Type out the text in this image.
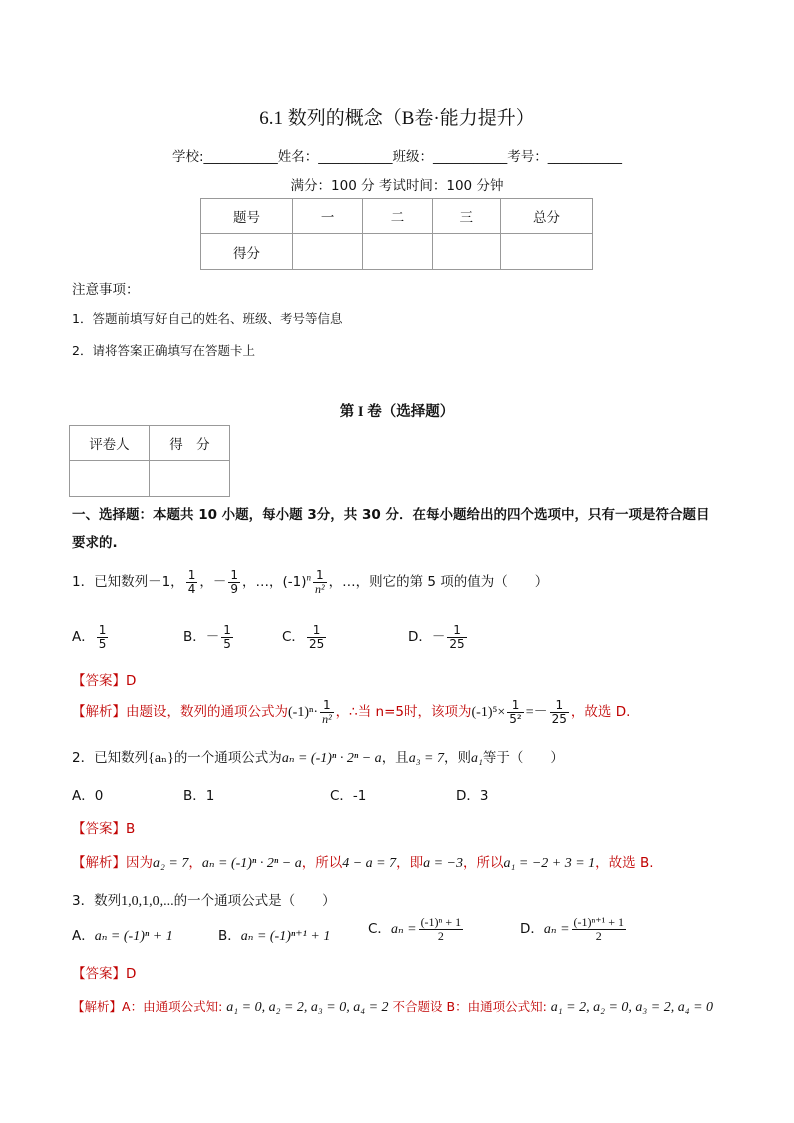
6.1 数列的概念（B卷·能力提升）
学校:___________姓名：___________班级：___________考号：___________
满分：100 分 考试时间：100 分钟
题号	一	二	三	总分
得分				
注意事项：
1．答题前填写好自己的姓名、班级、考号等信息
2．请将答案正确填写在答题卡上
第 I 卷（选择题）
评卷人	得　分

一、选择题：本题共 10 小题，每小题 3分，共 30 分．在每小题给出的四个选项中，只有一项是符合题目
要求的.
1．已知数列－1， $\frac{1}{4}$ ，－ $\frac{1}{9}$ ，…，$(-1)^n \frac{1}{\text{n²}}$ ，…，则它的第 5 项的值为（　　）
A． $\frac{1}{5}$	B．－ $\frac{1}{5}$	C． $\frac{1}{25}$	D．－ $\frac{1}{25}$
【答案】D
【解析】由题设，数列的通项公式为$(-1)^n\cdot \frac{1}{\text{n²}}$ ，∴当 n=5时，该项为$(-1)^5\times \frac{1}{\text{5²}} =- \frac{1}{25}$ ，故选 D.
2．已知数列{aₙ}的一个通项公式为aₙ = (-1)ⁿ · 2ⁿ − a，且a₃ = 7，则a₁等于（　　）
A．0	B．1	C．-1	D．3
【答案】B
【解析】因为a₂ = 7，aₙ = (-1)ⁿ · 2ⁿ − a，所以4 − a = 7，即a = −3，所以a₁ = −2 + 3 = 1，故选 B.
3．数列1,0,1,0,...的一个通项公式是（　　）
A．aₙ = (-1)ⁿ + 1	B．aₙ = (-1)ⁿ⁺¹ + 1	C．$a_n = \frac{\text{(-1)ⁿ + 1}}{2}$	D．$a_n = \frac{\text{(-1)ⁿ⁺¹ + 1}}{2}$
【答案】D
【解析】A：由通项公式知: a₁ = 0, a₂ = 2, a₃ = 0, a₄ = 2 不合题设 B：由通项公式知: a₁ = 2, a₂ = 0, a₃ = 2, a₄ = 0
